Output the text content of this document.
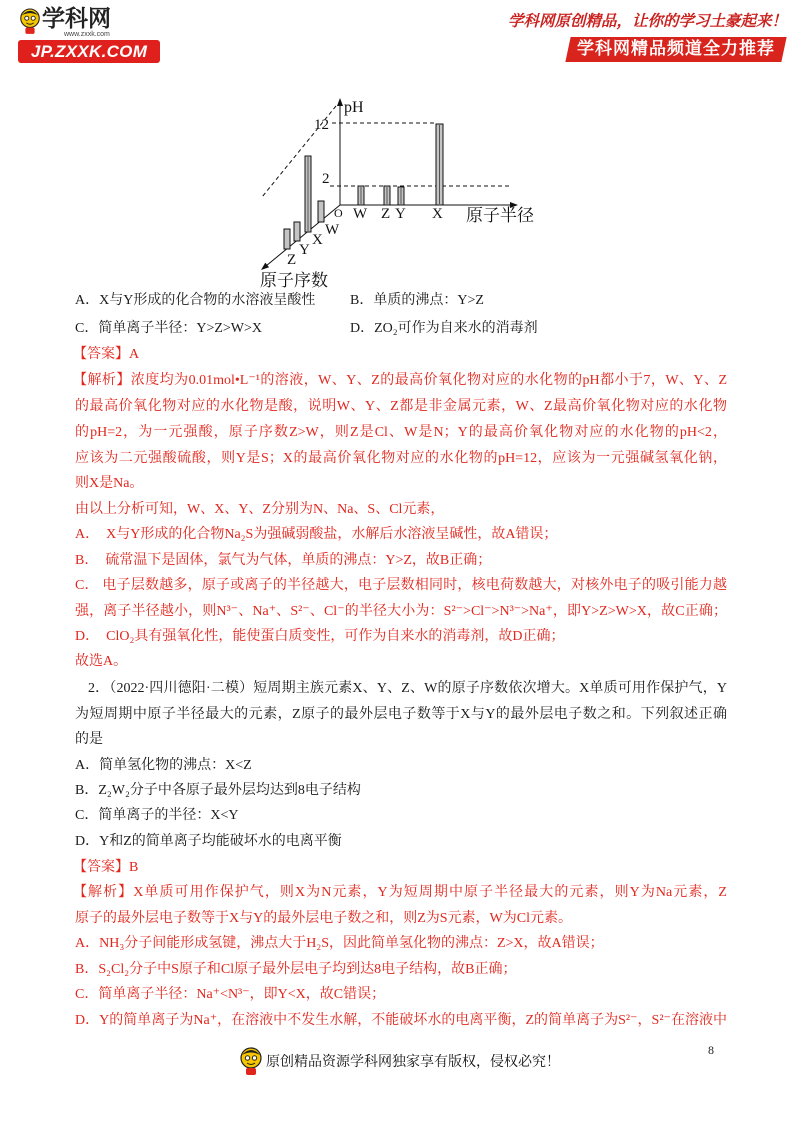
学科网
www.zxxk.com
JP.ZXXK.COM
学科网原创精品，让你的学习土豪起来！
学科网精品频道全力推荐
pH
12
2
O W Z Y X 原子半径
W
X
Y
Z
原子序数
A．X与Y形成的化合物的水溶液呈酸性 B．单质的沸点：Y>Z
C．简单离子半径：Y>Z>W>X	D．ZO₂可作为自来水的消毒剂
【答案】A
【解析】浓度均为0.01mol•L⁻¹的溶液，W、Y、Z的最高价氧化物对应的水化物的pH都小于7，W、Y、Z
的最高价氧化物对应的水化物是酸，说明W、Y、Z都是非金属元素，W、Z最高价氧化物对应的水化物
的pH=2，为一元强酸，原子序数Z>W，则Z是Cl、W是N；Y的最高价氧化物对应的水化物的pH<2，
应该为二元强酸硫酸，则Y是S；X的最高价氧化物对应的水化物的pH=12，应该为一元强碱氢氧化钠，
则X是Na。
由以上分析可知，W、X、Y、Z分别为N、Na、S、Cl元素，
A．  X与Y形成的化合物Na₂S为强碱弱酸盐，水解后水溶液呈碱性，故A错误；
B．  硫常温下是固体，氯气为气体，单质的沸点：Y>Z，故B正确；
C． 电子层数越多，原子或离子的半径越大，电子层数相同时，核电荷数越大，对核外电子的吸引能力越
强，离子半径越小，则N³⁻、Na⁺、S²⁻、Cl⁻的半径大小为：S²⁻>Cl⁻>N³⁻>Na⁺，即Y>Z>W>X，故C正确；
D．  ClO₂具有强氧化性，能使蛋白质变性，可作为自来水的消毒剂，故D正确；
故选A。
2．（2022·四川德阳·二模）短周期主族元素X、Y、Z、W的原子序数依次增大。X单质可用作保护气，Y
为短周期中原子半径最大的元素，Z原子的最外层电子数等于X与Y的最外层电子数之和。下列叙述正确
的是
A．简单氢化物的沸点：X<Z
B．Z₂W₂分子中各原子最外层均达到8电子结构
C．简单离子的半径：X<Y
D．Y和Z的简单离子均能破坏水的电离平衡
【答案】B
【解析】X单质可用作保护气，则X为N元素，Y为短周期中原子半径最大的元素，则Y为Na元素，Z
原子的最外层电子数等于X与Y的最外层电子数之和，则Z为S元素，W为Cl元素。
A．NH₃分子间能形成氢键，沸点大于H₂S，因此简单氢化物的沸点：Z>X，故A错误；
B．S₂Cl₂分子中S原子和Cl原子最外层电子均到达8电子结构，故B正确；
C．简单离子半径：Na⁺<N³⁻，即Y<X，故C错误；
D．Y的简单离子为Na⁺，在溶液中不发生水解，不能破坏水的电离平衡，Z的简单离子为S²⁻，S²⁻在溶液中
8
原创精品资源学科网独家享有版权，侵权必究！
